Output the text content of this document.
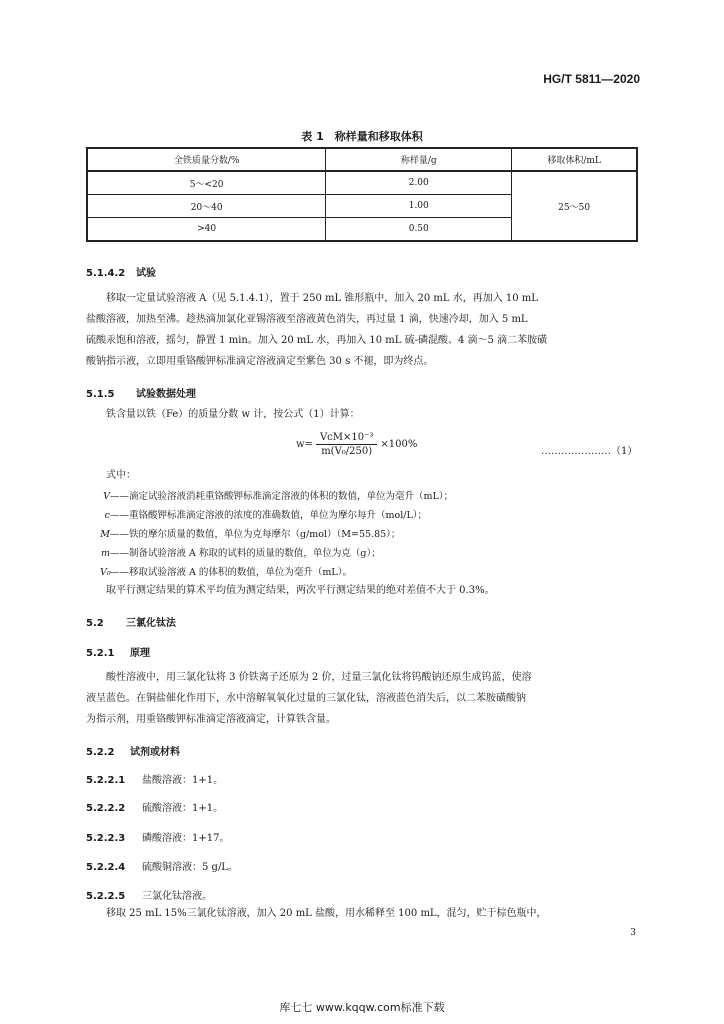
HG/T 5811—2020
表 1　称样量和移取体积
全铁质量分数/%	称样量/g	移取体积/mL
5～<20	2.00	25～50
20～40	1.00	
>40	0.50	
5.1.4.2 试验
移取一定量试验溶液 A（见 5.1.4.1），置于 250 mL 锥形瓶中，加入 20 mL 水，再加入 10 mL
盐酸溶液，加热至沸。趁热滴加氯化亚锡溶液至溶液黄色消失，再过量 1 滴，快速冷却，加入 5 mL
硫酸汞饱和溶液，摇匀，静置 1 min。加入 20 mL 水，再加入 10 mL 硫-磷混酸、4 滴～5 滴二苯胺磺
酸钠指示液，立即用重铬酸钾标准滴定溶液滴定至紫色 30 s 不褪，即为终点。
5.1.5 试验数据处理
铁含量以铁（Fe）的质量分数 w 计，按公式（1）计算：
$w= \frac{\text{VcM×10⁻³}}{\text{m(V₀/250)}} \times 100\%$
…………………（1）
式中：
V——滴定试验溶液消耗重铬酸钾标准滴定溶液的体积的数值，单位为毫升（mL）；
c——重铬酸钾标准滴定溶液的浓度的准确数值，单位为摩尔每升（mol/L）；
M——铁的摩尔质量的数值，单位为克每摩尔（g/mol）（M=55.85）；
m——制备试验溶液 A 称取的试料的质量的数值，单位为克（g）；
V₀——移取试验溶液 A 的体积的数值，单位为毫升（mL）。
取平行测定结果的算术平均值为测定结果，两次平行测定结果的绝对差值不大于 0.3%。
5.2 三氯化钛法
5.2.1 原理
酸性溶液中，用三氯化钛将 3 价铁离子还原为 2 价，过量三氯化钛将钨酸钠还原生成钨蓝，使溶
液呈蓝色。在铜盐催化作用下，水中溶解氧氧化过量的三氯化钛，溶液蓝色消失后，以二苯胺磺酸钠
为指示剂，用重铬酸钾标准滴定溶液滴定，计算铁含量。
5.2.2 试剂或材料
5.2.2.1 盐酸溶液：1+1。
5.2.2.2 硫酸溶液：1+1。
5.2.2.3 磷酸溶液：1+17。
5.2.2.4 硫酸铜溶液：5 g/L。
5.2.2.5 三氯化钛溶液。
移取 25 mL 15%三氯化钛溶液，加入 20 mL 盐酸，用水稀释至 100 mL，混匀，贮于棕色瓶中，
3
库七七 www.kqqw.com标准下载
